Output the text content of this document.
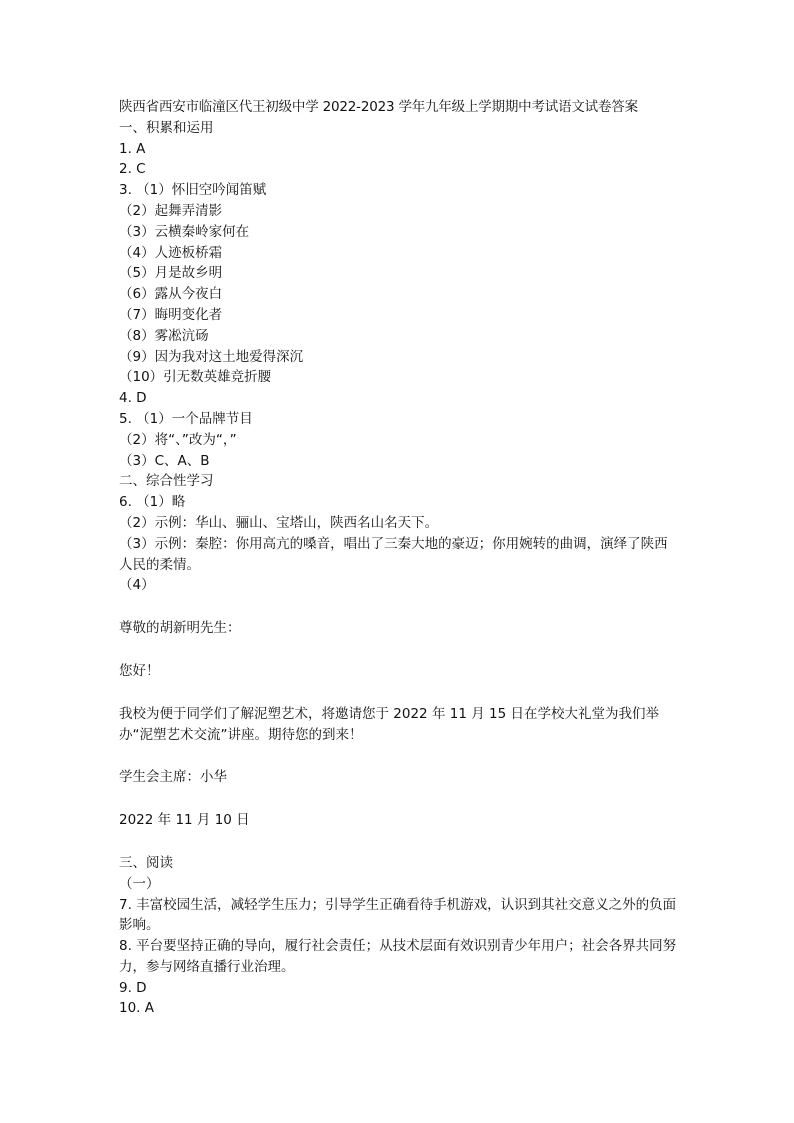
陕西省西安市临潼区代王初级中学 2022-2023 学年九年级上学期期中考试语文试卷答案
一、积累和运用
1. A
2. C
3. （1）怀旧空吟闻笛赋
（2）起舞弄清影
（3）云横秦岭家何在
（4）人迹板桥霜
（5）月是故乡明
（6）露从今夜白
（7）晦明变化者
（8）雾凇沆砀
（9）因为我对这土地爱得深沉
（10）引无数英雄竞折腰
4. D
5. （1）一个品牌节目
（2）将“、”改为“，”
（3）C、A、B
二、综合性学习
6. （1）略
（2）示例：华山、骊山、宝塔山，陕西名山名天下。
（3）示例：秦腔：你用高亢的嗓音，唱出了三秦大地的豪迈；你用婉转的曲调，演绎了陕西人民的柔情。
（4）
尊敬的胡新明先生：
您好！
我校为便于同学们了解泥塑艺术，将邀请您于 2022 年 11 月 15 日在学校大礼堂为我们举办“泥塑艺术交流”讲座。期待您的到来！
学生会主席：小华
2022 年 11 月 10 日
三、阅读
（一）
7. 丰富校园生活，减轻学生压力；引导学生正确看待手机游戏，认识到其社交意义之外的负面影响。
8. 平台要坚持正确的导向，履行社会责任；从技术层面有效识别青少年用户；社会各界共同努力，参与网络直播行业治理。
9. D
10. A
